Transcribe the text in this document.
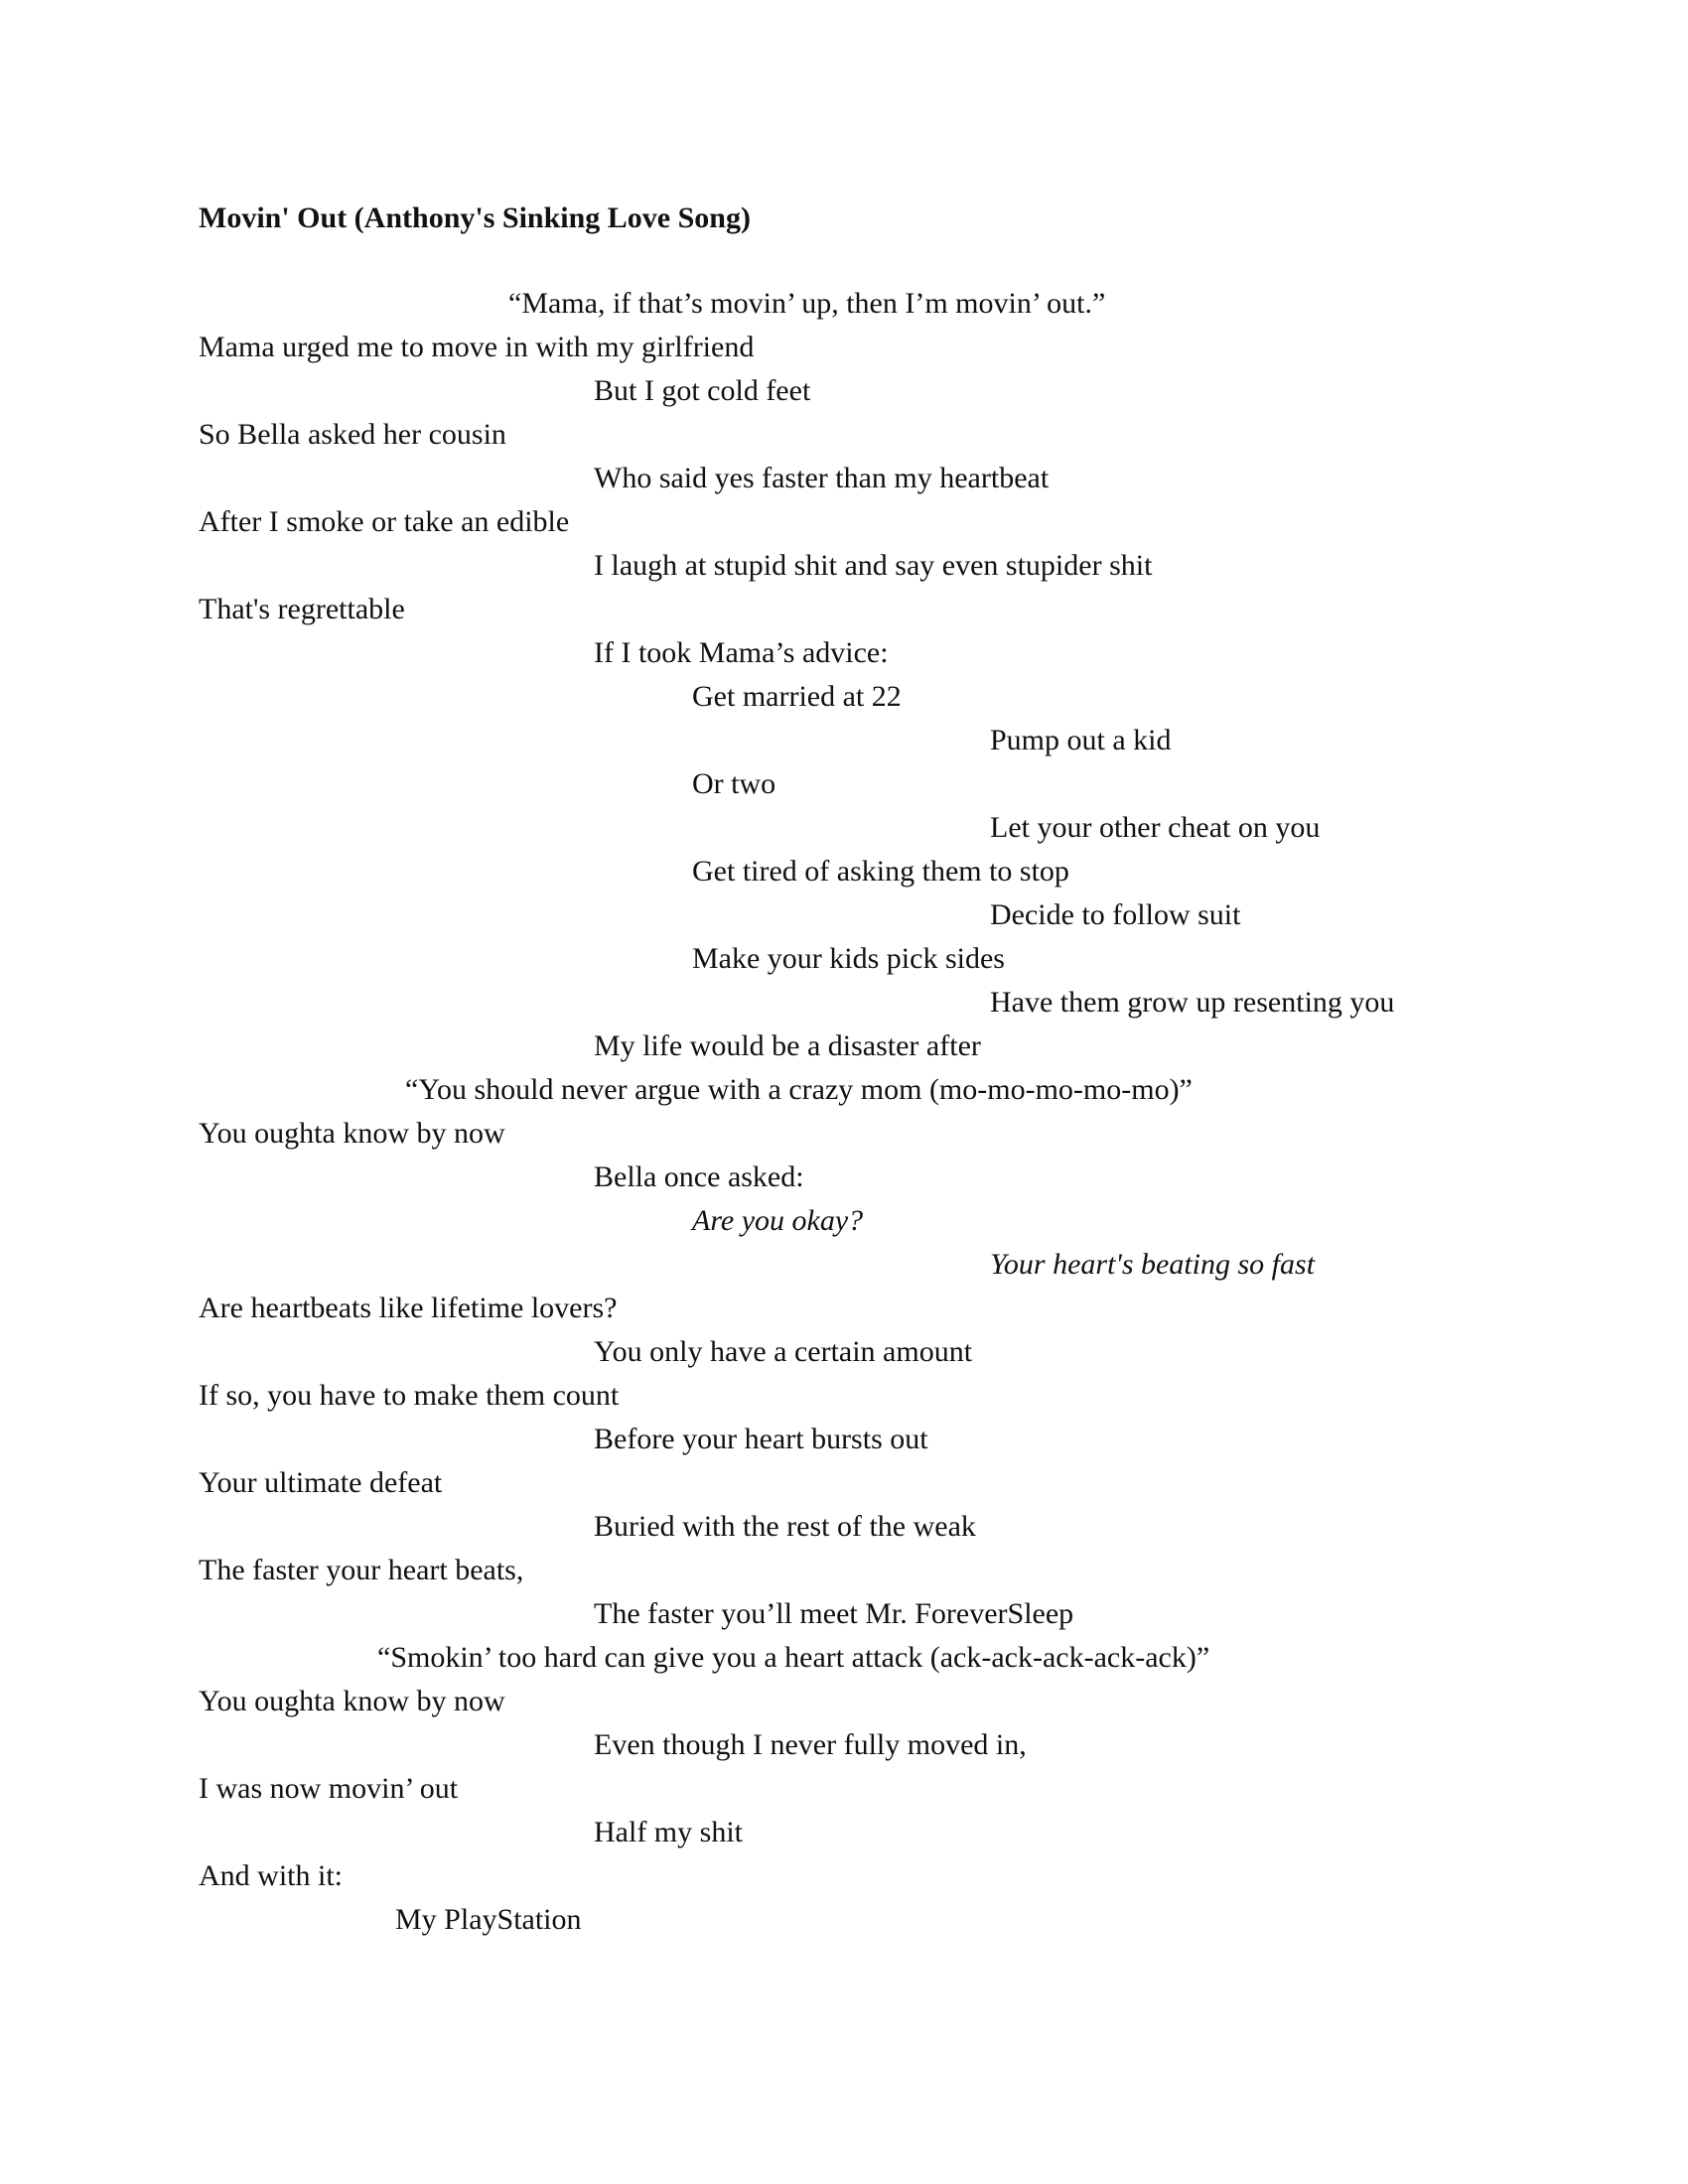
Movin' Out (Anthony's Sinking Love Song)
“Mama, if that’s movin’ up, then I’m movin’ out.”
Mama urged me to move in with my girlfriend
But I got cold feet
So Bella asked her cousin
Who said yes faster than my heartbeat
After I smoke or take an edible
I laugh at stupid shit and say even stupider shit
That's regrettable
If I took Mama’s advice:
Get married at 22
Pump out a kid
Or two
Let your other cheat on you
Get tired of asking them to stop
Decide to follow suit
Make your kids pick sides
Have them grow up resenting you
My life would be a disaster after
“You should never argue with a crazy mom (mo-mo-mo-mo-mo)”
You oughta know by now
Bella once asked:
Are you okay?
Your heart's beating so fast
Are heartbeats like lifetime lovers?
You only have a certain amount
If so, you have to make them count
Before your heart bursts out
Your ultimate defeat
Buried with the rest of the weak
The faster your heart beats,
The faster you’ll meet Mr. ForeverSleep
“Smokin’ too hard can give you a heart attack (ack-ack-ack-ack-ack)”
You oughta know by now
Even though I never fully moved in,
I was now movin’ out
Half my shit
And with it:
My PlayStation
